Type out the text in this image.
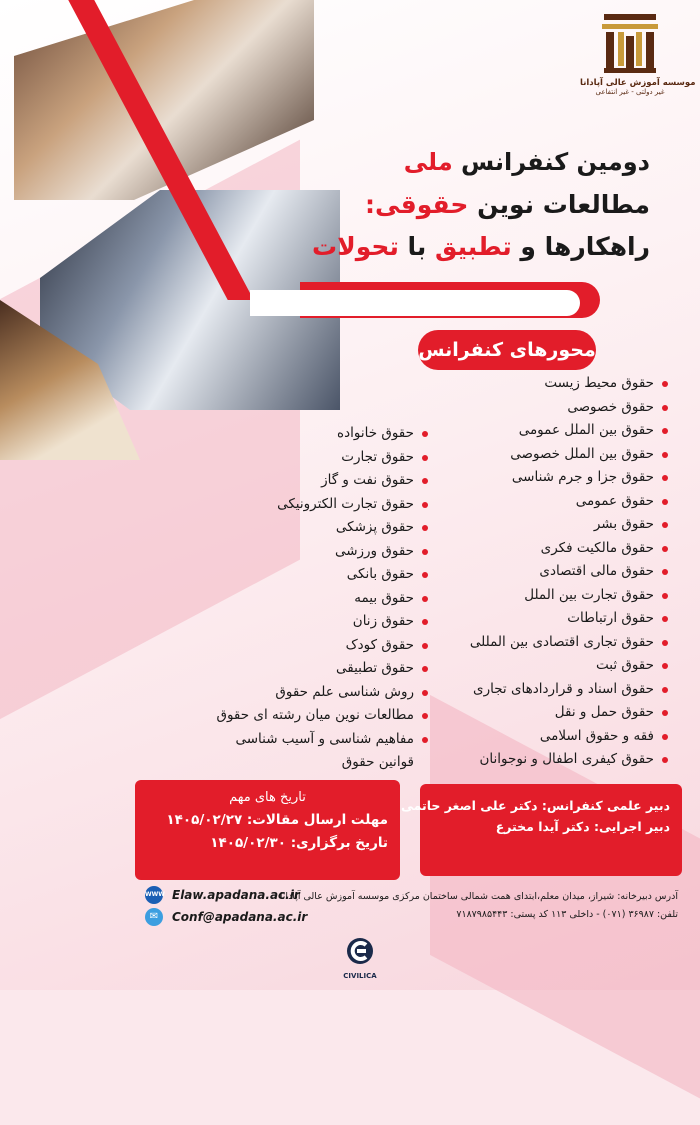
موسسه آموزش عالی آپادانا
غیر دولتی - غیر انتفاعی
دومین کنفرانس ملی
مطالعات نوین حقوقی:
راهکارها و تطبیق با تحولات
محورهای کنفرانس
حقوق محیط زیست
حقوق خصوصی
حقوق بین الملل عمومی
حقوق بین الملل خصوصی
حقوق جزا و جرم شناسی
حقوق عمومی
حقوق بشر
حقوق مالکیت فکری
حقوق مالی اقتصادی
حقوق تجارت بین الملل
حقوق ارتباطات
حقوق تجاری اقتصادی بین المللی
حقوق ثبت
حقوق اسناد و قراردادهای تجاری
حقوق حمل و نقل
فقه و حقوق اسلامی
حقوق کیفری اطفال و نوجوانان
حقوق خانواده
حقوق تجارت
حقوق نفت و گاز
حقوق تجارت الکترونیکی
حقوق پزشکی
حقوق ورزشی
حقوق بانکی
حقوق بیمه
حقوق زنان
حقوق کودک
حقوق تطبیقی
روش شناسی علم حقوق
مطالعات نوین میان رشته ای حقوق
مفاهیم شناسی و آسیب شناسی
قوانین حقوق
تاریخ های مهم
مهلت ارسال مقالات: ۱۴۰۵/۰۲/۲۷
تاریخ برگزاری: ۱۴۰۵/۰۲/۳۰
دبیر علمی کنفرانس: دکتر علی اصغر حاتمی
دبیر اجرایی: دکتر آیدا مخترع
آدرس دبیرخانه: شیراز، میدان معلم،ابتدای همت شمالی ساختمان مرکزی موسسه آموزش عالی آپادانا
تلفن: ۳۶۹۸۷ (۰۷۱) - داخلی ۱۱۳ کد پستی: ۷۱۸۷۹۸۵۴۴۳
WWW
✉
Elaw.apadana.ac.ir
Conf@apadana.ac.ir
CIVILICA
